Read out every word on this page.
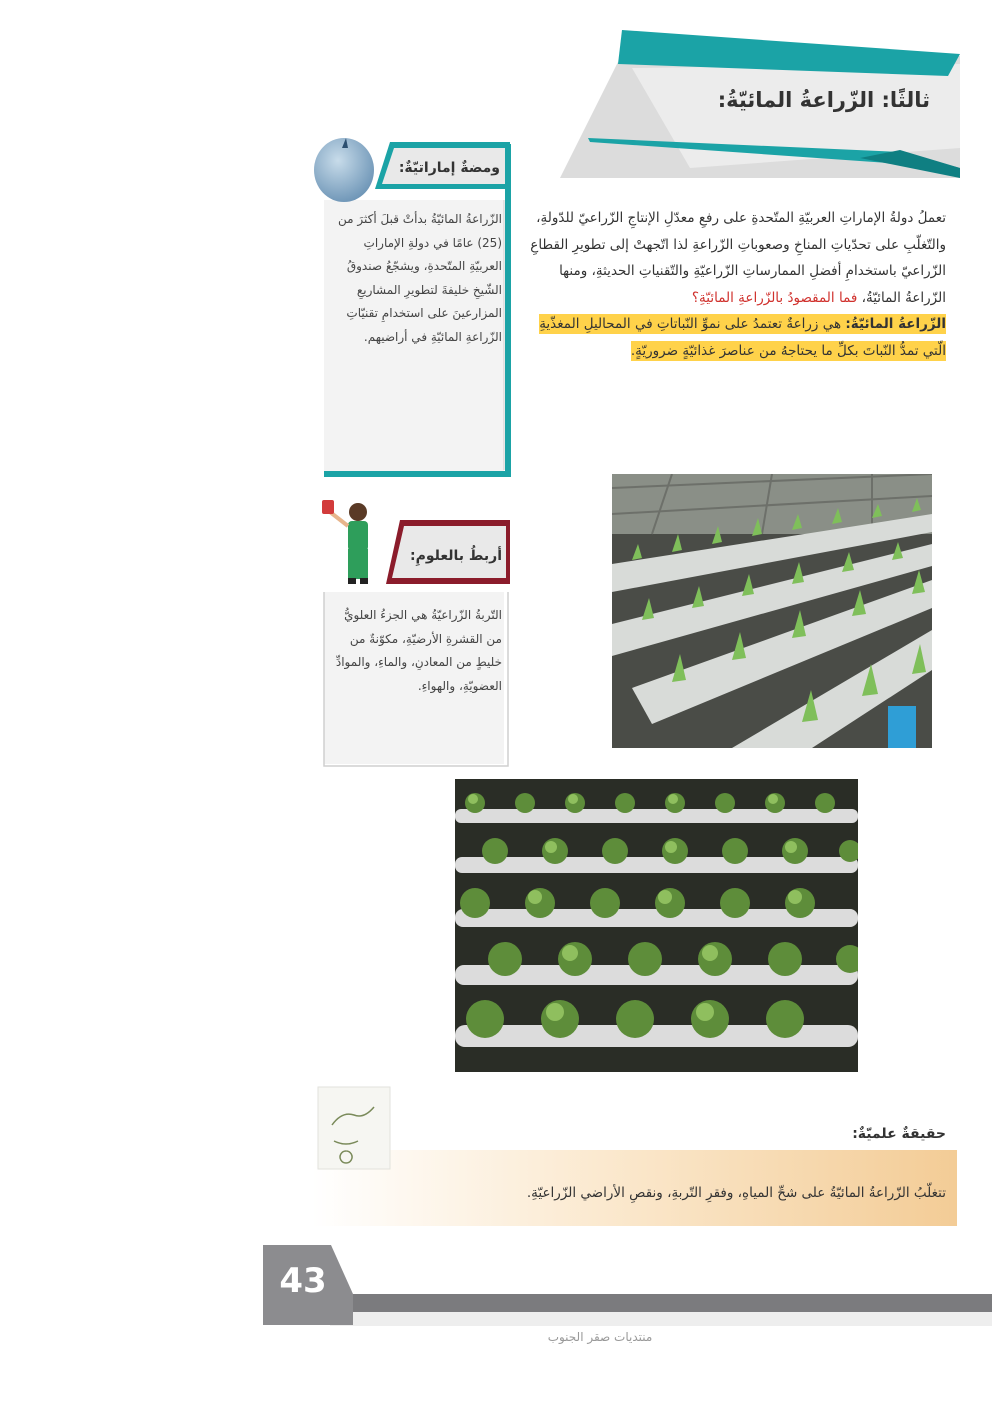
ثالثًا: الزّراعةُ المائيّةُ:
تعملُ دولةُ الإماراتِ العربيّةِ المتّحدةِ على رفعِ معدّلِ الإنتاجِ الزّراعيّ للدّولةِ، والتّغلّبِ على تحدّياتِ المناخِ وصعوباتِ الزّراعةِ لذا اتّجهتْ إلى تطويرِ القطاعِ الزّراعيّ باستخدامِ أفضلِ الممارساتِ الزّراعيّةِ والتّقنياتِ الحديثةِ، ومنها الزّراعةُ المائيّةُ، فما المقصودُ بالزّراعةِ المائيّةِ؟
الزّراعةُ المائيّةُ: هي زراعةٌ تعتمدُ على نموِّ النّباتاتِ في المحاليلِ المغذّيةِ الّتي تمدُّ النّباتَ بكلِّ ما يحتاجهُ من عناصرَ غذائيّةٍ ضروريّةٍ.
ومضةٌ إماراتيّةٌ:
الزّراعةُ المائيّةُ بدأتْ قبلَ أكثرَ من (25) عامًا في دولةِ الإماراتِ العربيّةِ المتّحدةِ، ويشجّعُ صندوقُ الشّيخِ خليفةَ لتطويرِ المشاريعِ المزارعينَ على استخدامِ تقنيّاتِ الزّراعةِ المائيّةِ في أراضيهم.
أربطُ بالعلومِ:
التّربةُ الزّراعيّةُ هي الجزءُ العلويُّ من القشرةِ الأرضيّةِ، مكوّنةٌ من خليطٍ من المعادنِ، والماءِ، والموادِّ العضويّةِ، والهواءِ.
حقيقةٌ علميّةٌ:
تتغلّبُ الزّراعةُ المائيّةُ على شحِّ المياهِ، وفقرِ التّربةِ، ونقصِ الأراضي الزّراعيّةِ.
43
منتديات صقر الجنوب
